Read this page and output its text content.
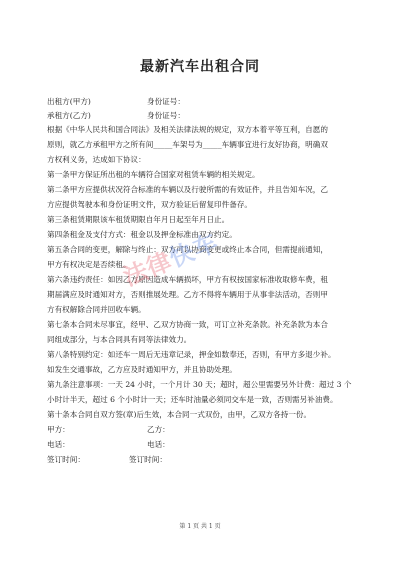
最新汽车出租合同
出租方(甲方)	身份证号：
承租方(乙方)	身份证号：
根据《中华人民共和国合同法》及相关法律法规的规定，双方本着平等互利，自愿的
原则，就乙方承租甲方之所有间_____车架号为_____车辆事宜进行友好协商，明确双
方权利义务，达成如下协议：
第一条甲方保证所出租的车辆符合国家对租赁车辆的相关规定。
第二条甲方应提供状况符合标准的车辆以及行驶所需的有效证件，并且告知车况，乙
方应提供驾驶本和身份证明文件，双方验证后留复印件备存。
第三条租赁期限该车租赁期限自年月日起至年月日止。
第四条租金及支付方式：租金以及押金标准由双方约定。
第五条合同的变更，解除与终止：双方可以协商变更或终止本合同，但需提前通知，
甲方有权决定是否续租。
第六条违约责任：如因乙方原因造成车辆损坏，甲方有权按国家标准收取修车费，租
期届满应及时通知对方，否则推展处理。乙方不得将车辆用于从事非法活动，否则甲
方有权解除合同并回收车辆。
第七条本合同未尽事宜，经甲、乙双方协商一致，可订立补充条款。补充条款为本合
同组成部分，与本合同具有同等法律效力。
第八条特别约定：如还车一周后无违章记录，押金如数奉还，否则，有甲方多退少补。
如发生交通事故，乙方应及时通知甲方，并且协助处理。
第九条注意事项：一天 24 小时，一个月计 30 天；超时，超公里需要另外计费：超过 3 个
小时计半天，超过 6 个小时计一天；还车时油量必须同交车是一致，否则需另补油费。
第十条本合同自双方签(章)后生效，本合同一式双份，由甲，乙双方各持一份。
甲方：	乙方：
电话：	电话：
签订时间：	签订时间：
法律快车
第 1 页 共 1 页
